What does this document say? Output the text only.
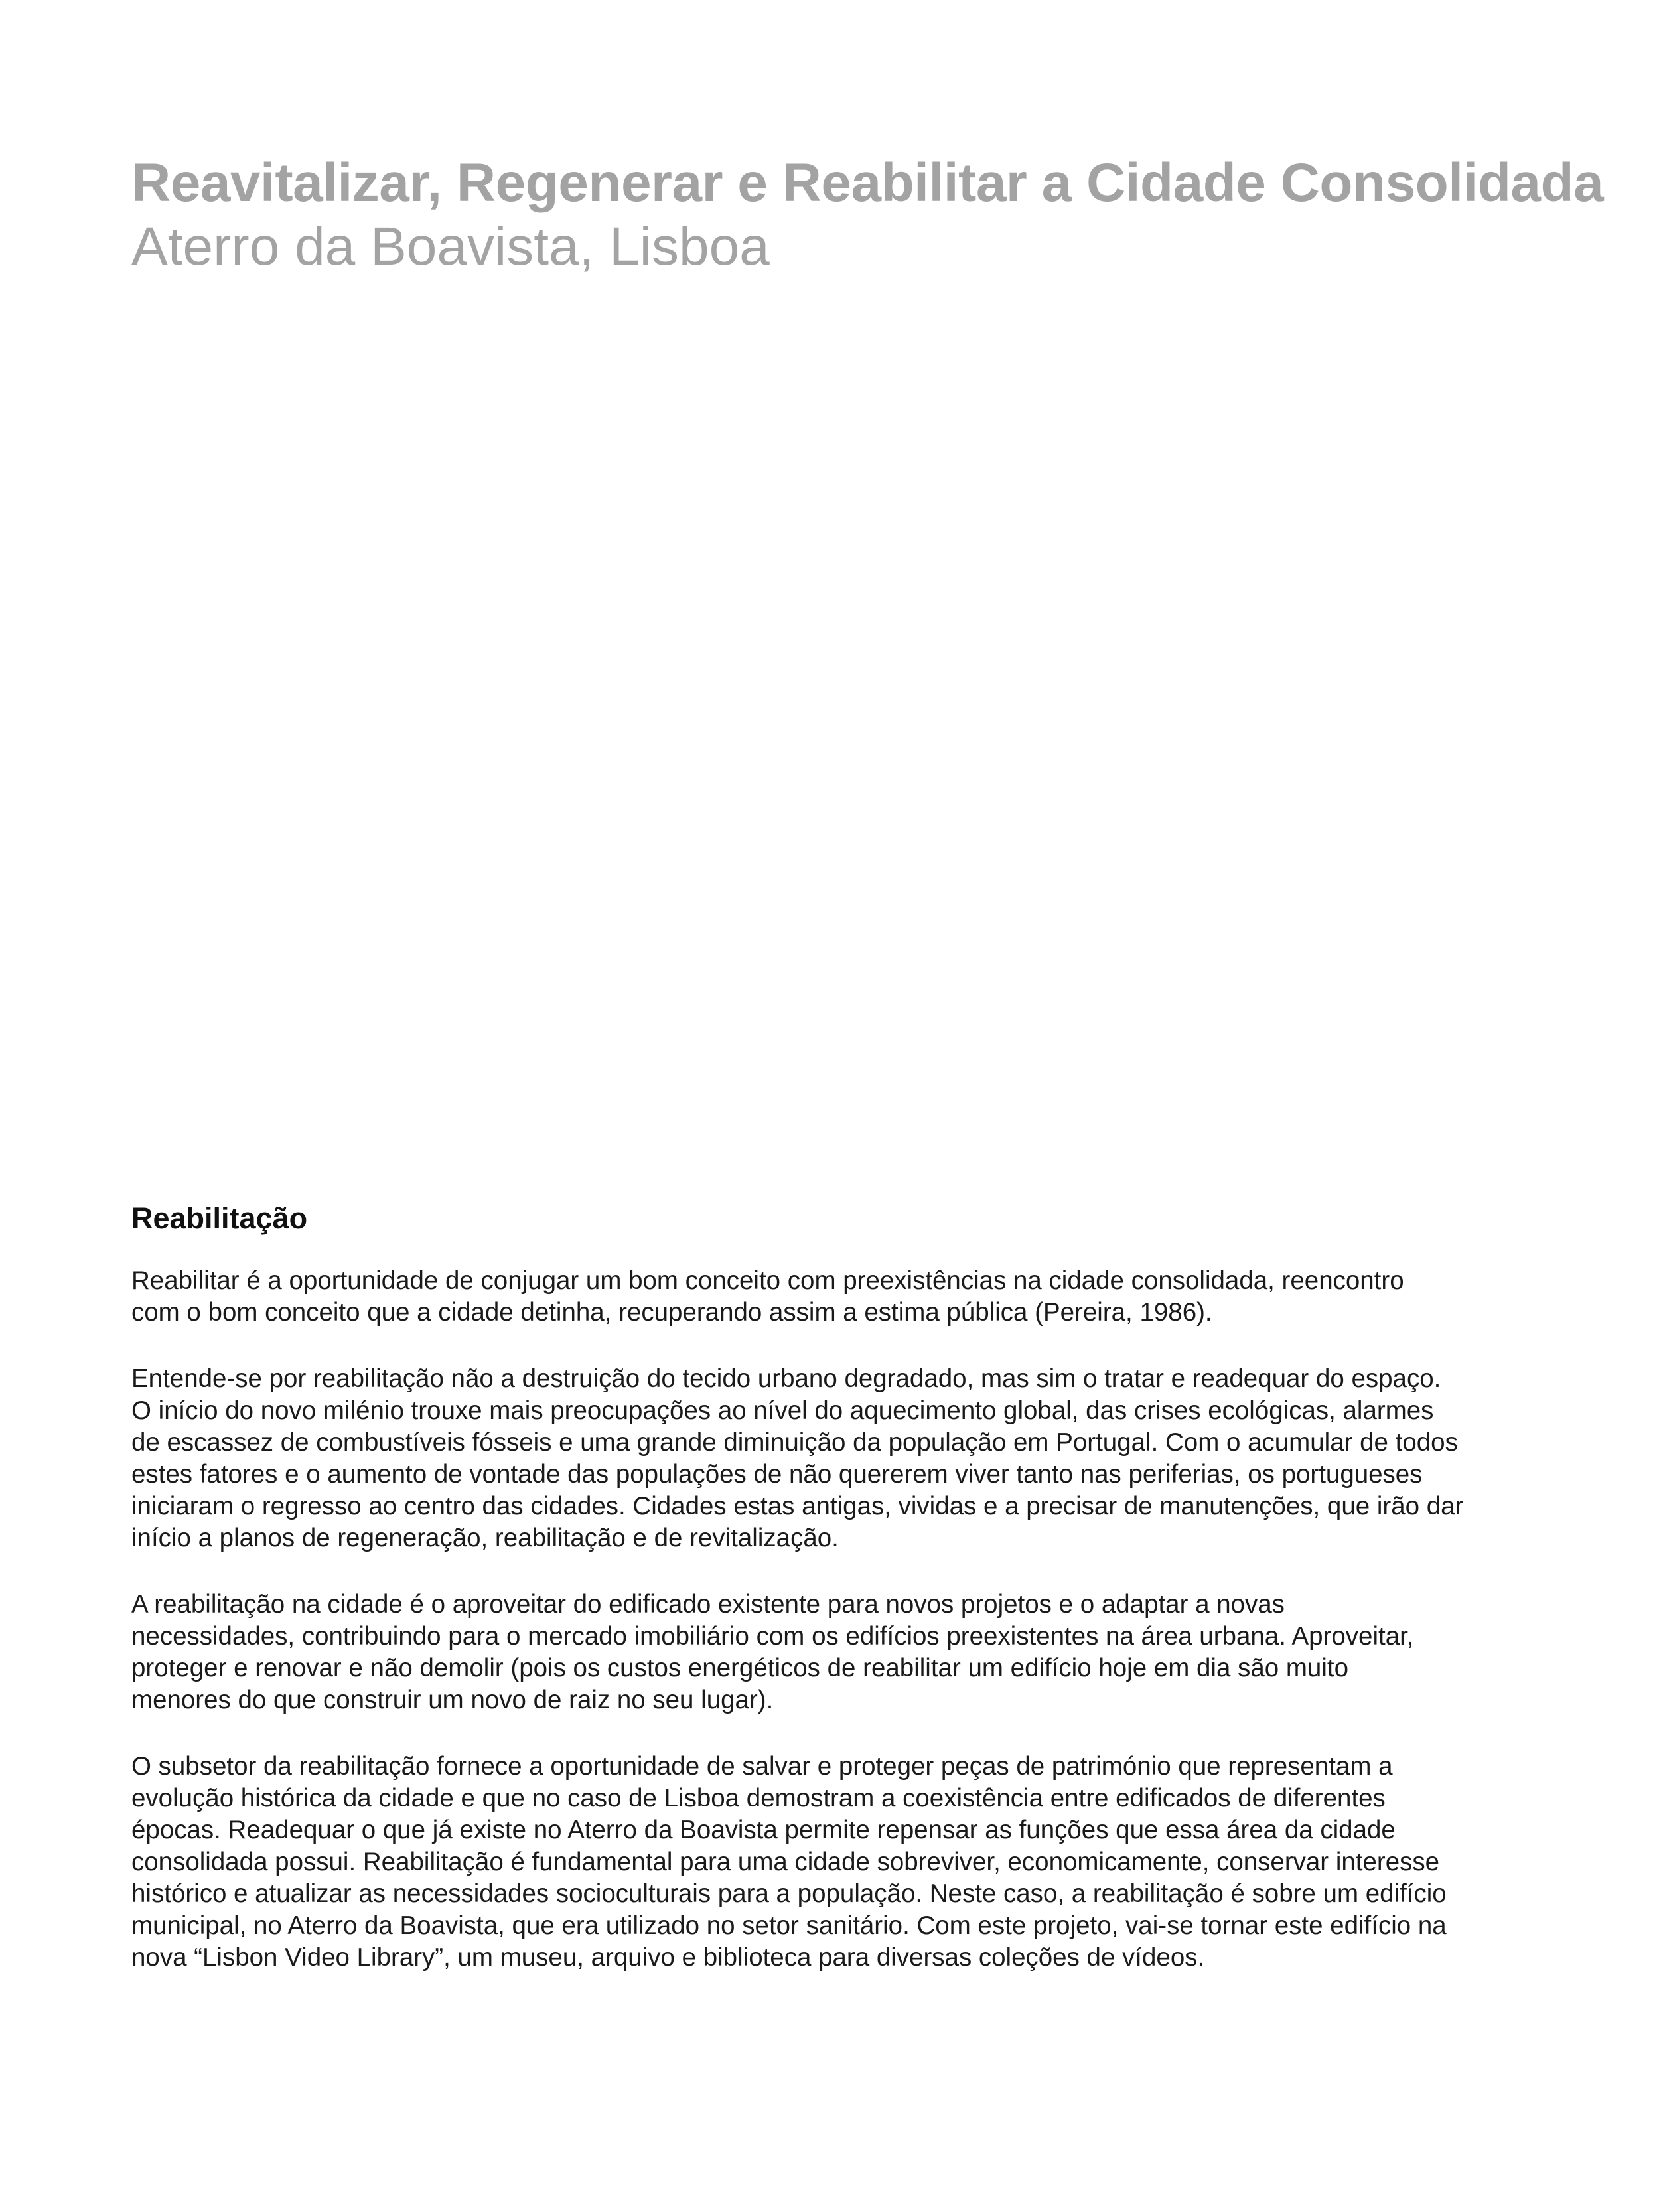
Reavitalizar, Regenerar e Reabilitar a Cidade Consolidada
Aterro da Boavista, Lisboa
Reabilitação

Reabilitar é a oportunidade de conjugar um bom conceito com preexistências na cidade consolidada, reencontro
com o bom conceito que a cidade detinha, recuperando assim a estima pública (Pereira, 1986).

Entende-se por reabilitação não a destruição do tecido urbano degradado, mas sim o tratar e readequar do espaço.
O início do novo milénio trouxe mais preocupações ao nível do aquecimento global, das crises ecológicas, alarmes
de escassez de combustíveis fósseis e uma grande diminuição da população em Portugal. Com o acumular de todos
estes fatores e o aumento de vontade das populações de não quererem viver tanto nas periferias, os portugueses
iniciaram o regresso ao centro das cidades. Cidades estas antigas, vividas e a precisar de manutenções, que irão dar
início a planos de regeneração, reabilitação e de revitalização.

A reabilitação na cidade é o aproveitar do edificado existente para novos projetos e o adaptar a novas
necessidades, contribuindo para o mercado imobiliário com os edifícios preexistentes na área urbana. Aproveitar,
proteger e renovar e não demolir (pois os custos energéticos de reabilitar um edifício hoje em dia são muito
menores do que construir um novo de raiz no seu lugar).

O subsetor da reabilitação fornece a oportunidade de salvar e proteger peças de património que representam a
evolução histórica da cidade e que no caso de Lisboa demostram a coexistência entre edificados de diferentes
épocas. Readequar o que já existe no Aterro da Boavista permite repensar as funções que essa área da cidade
consolidada possui. Reabilitação é fundamental para uma cidade sobreviver, economicamente, conservar interesse
histórico e atualizar as necessidades socioculturais para a população. Neste caso, a reabilitação é sobre um edifício
municipal, no Aterro da Boavista, que era utilizado no setor sanitário. Com este projeto, vai-se tornar este edifício na
nova “Lisbon Video Library”, um museu, arquivo e biblioteca para diversas coleções de vídeos.
